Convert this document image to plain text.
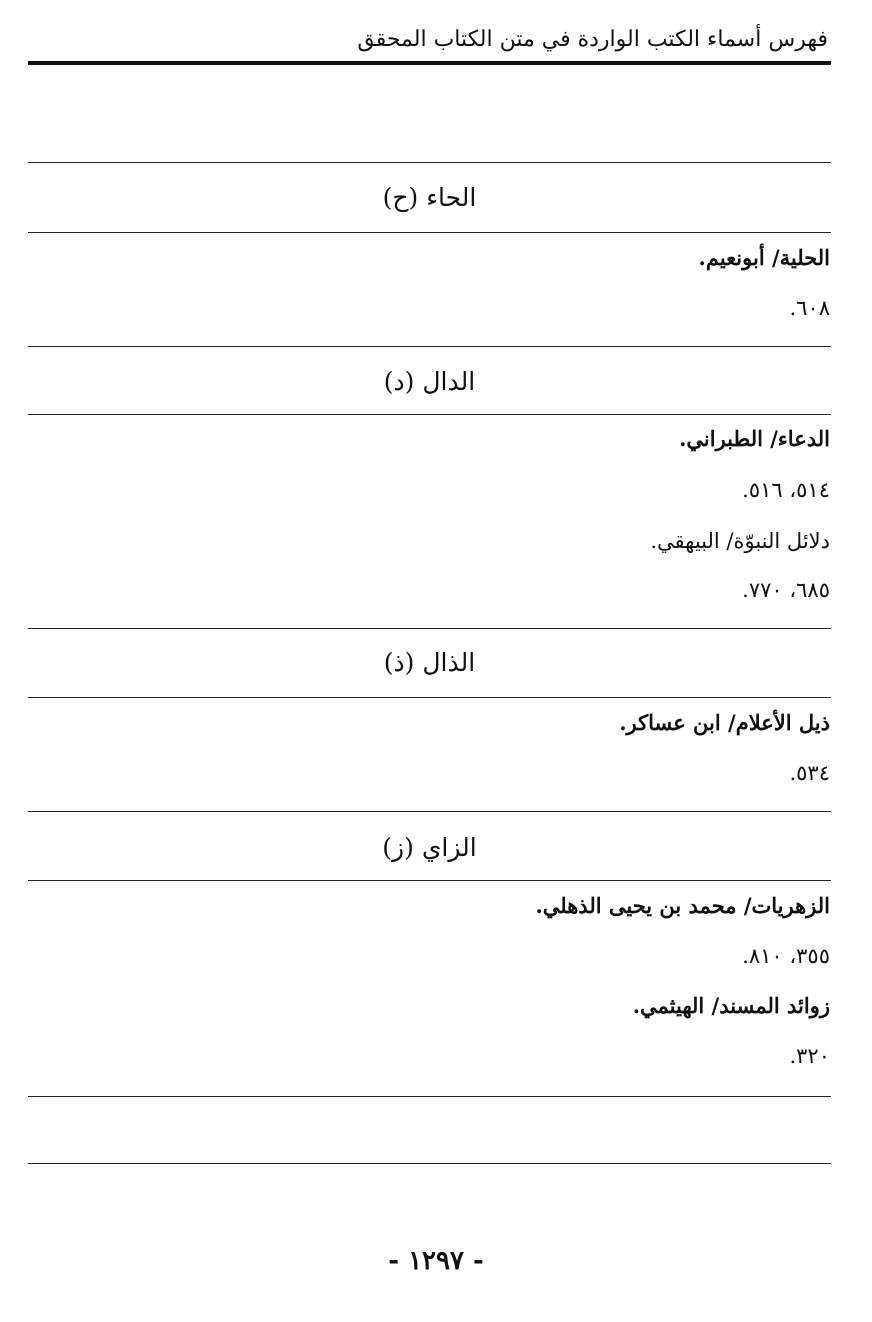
فهرس أسماء الكتب الواردة في متن الكتاب المحقق
الحاء (ح)
الحلية/ أبونعيم.
٦٠٨.
الدال (د)
الدعاء/ الطبراني.
٥١٤، ٥١٦.
دلائل النبوّة/ البيهقي.
٦٨٥، ٧٧٠.
الذال (ذ)
ذيل الأعلام/ ابن عساكر.
٥٣٤.
الزاي (ز)
الزهريات/ محمد بن يحيى الذهلي.
٣٥٥، ٨١٠.
زوائد المسند/ الهيثمي.
٣٢٠.
- ١٢٩٧ -
